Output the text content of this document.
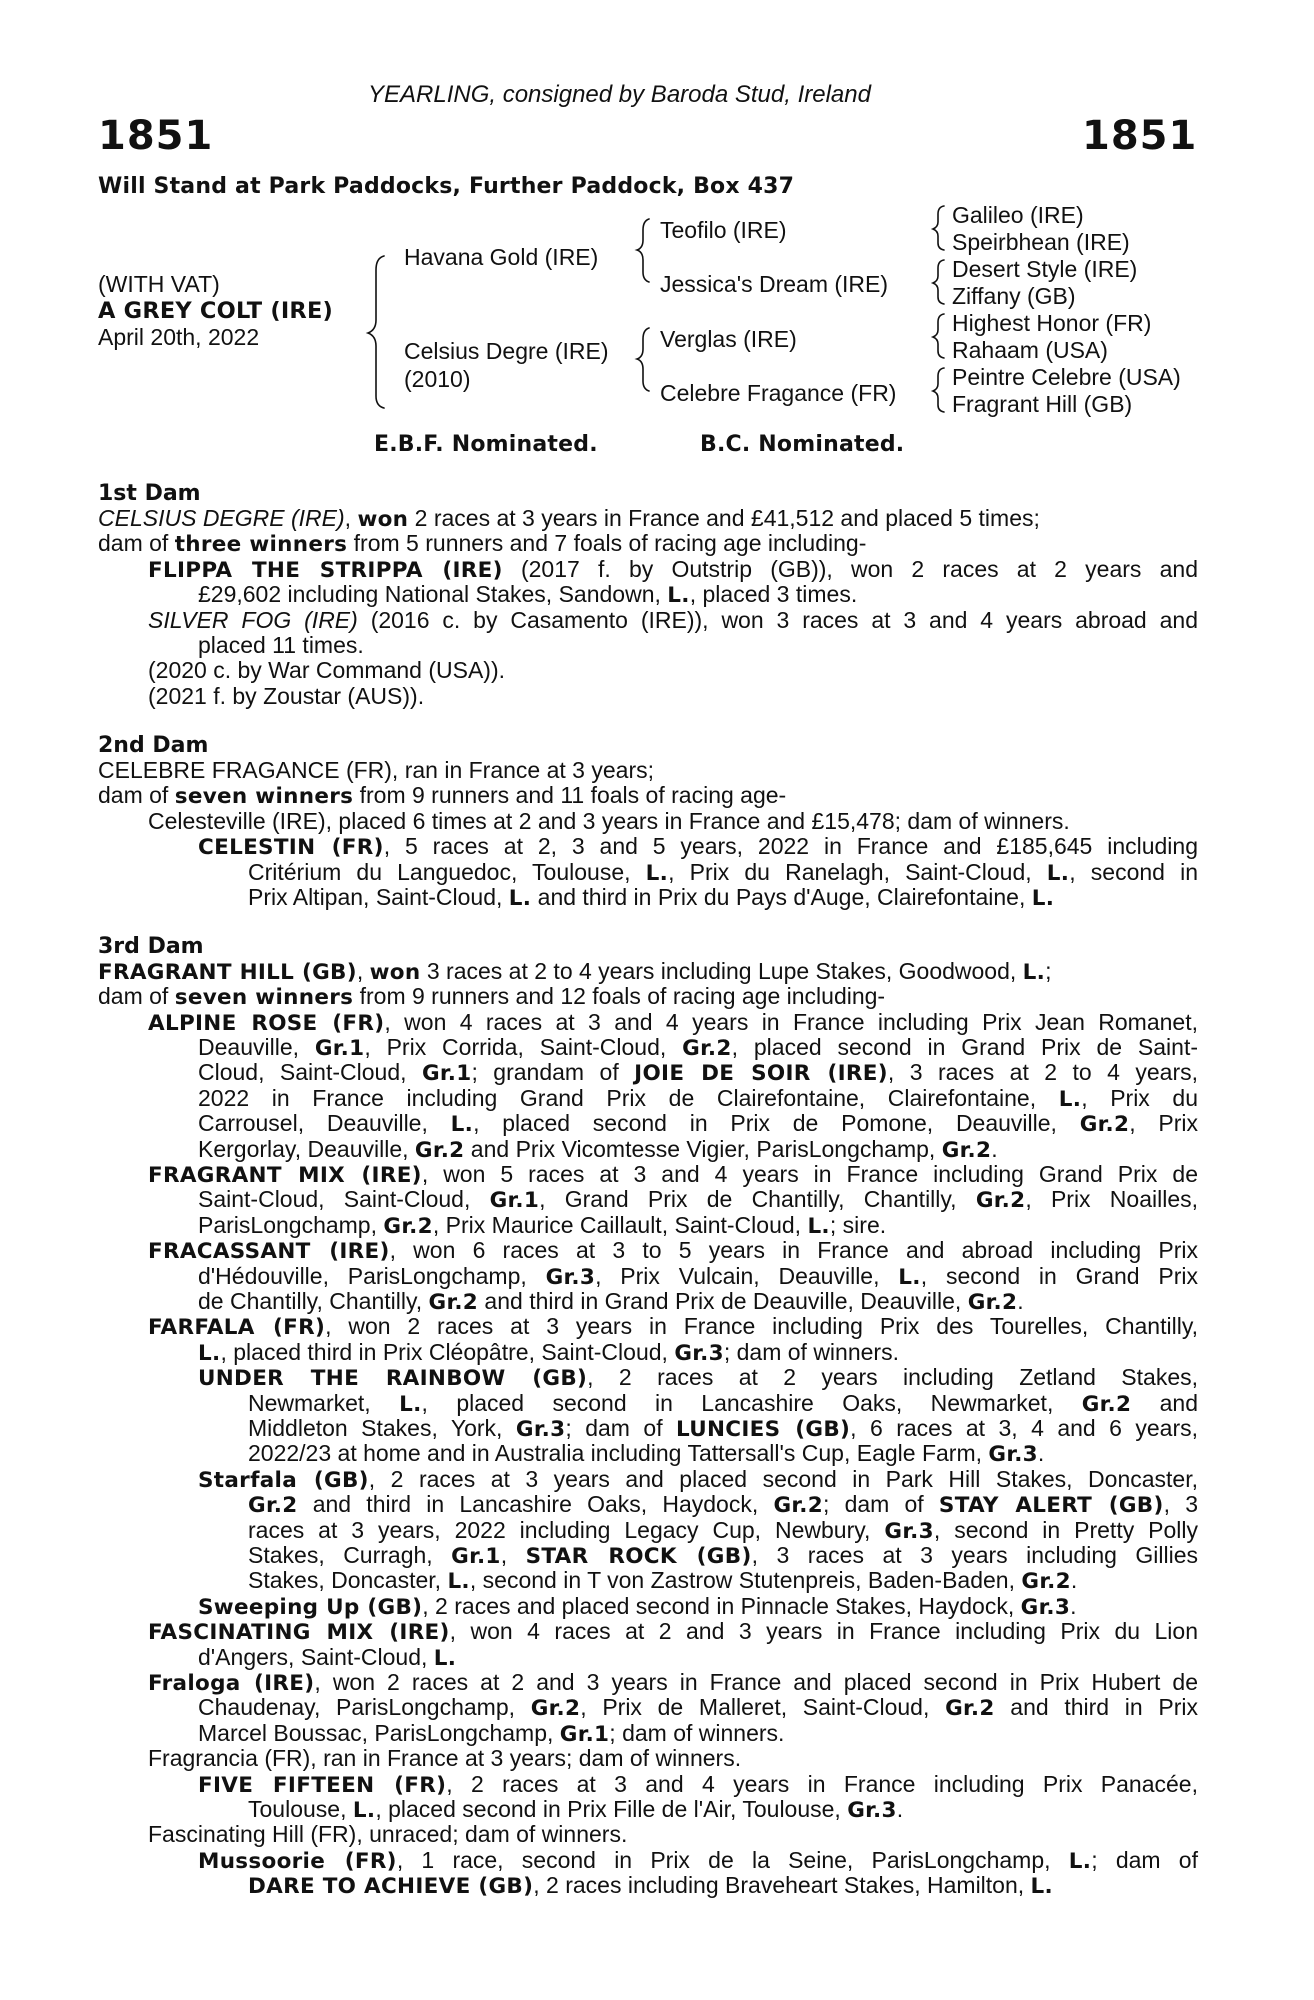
YEARLING, consigned by Baroda Stud, Ireland
1851	1851
Will Stand at Park Paddocks, Further Paddock, Box 437
(WITH VAT)
A GREY COLT (IRE)
April 20th, 2022
Havana Gold (IRE)
Celsius Degre (IRE)
(2010)
Teofilo (IRE)
Jessica's Dream (IRE)
Verglas (IRE)
Celebre Fragance (FR)
Galileo (IRE)
Speirbhean (IRE)
Desert Style (IRE)
Ziffany (GB)
Highest Honor (FR)
Rahaam (USA)
Peintre Celebre (USA)
Fragrant Hill (GB)
E.B.F. Nominated.	B.C. Nominated.
1st Dam
CELSIUS DEGRE (IRE), won 2 races at 3 years in France and £41,512 and placed 5 times;
dam of three winners from 5 runners and 7 foals of racing age including-
FLIPPA THE STRIPPA (IRE) (2017 f. by Outstrip (GB)), won 2 races at 2 years and
£29,602 including National Stakes, Sandown, L., placed 3 times.
SILVER FOG (IRE) (2016 c. by Casamento (IRE)), won 3 races at 3 and 4 years abroad and
placed 11 times.
(2020 c. by War Command (USA)).
(2021 f. by Zoustar (AUS)).
2nd Dam
CELEBRE FRAGANCE (FR), ran in France at 3 years;
dam of seven winners from 9 runners and 11 foals of racing age-
Celesteville (IRE), placed 6 times at 2 and 3 years in France and £15,478; dam of winners.
CELESTIN (FR), 5 races at 2, 3 and 5 years, 2022 in France and £185,645 including
Critérium du Languedoc, Toulouse, L., Prix du Ranelagh, Saint-Cloud, L., second in
Prix Altipan, Saint-Cloud, L. and third in Prix du Pays d'Auge, Clairefontaine, L.
3rd Dam
FRAGRANT HILL (GB), won 3 races at 2 to 4 years including Lupe Stakes, Goodwood, L.;
dam of seven winners from 9 runners and 12 foals of racing age including-
ALPINE ROSE (FR), won 4 races at 3 and 4 years in France including Prix Jean Romanet,
Deauville, Gr.1, Prix Corrida, Saint-Cloud, Gr.2, placed second in Grand Prix de Saint-
Cloud, Saint-Cloud, Gr.1; grandam of JOIE DE SOIR (IRE), 3 races at 2 to 4 years,
2022 in France including Grand Prix de Clairefontaine, Clairefontaine, L., Prix du
Carrousel, Deauville, L., placed second in Prix de Pomone, Deauville, Gr.2, Prix
Kergorlay, Deauville, Gr.2 and Prix Vicomtesse Vigier, ParisLongchamp, Gr.2.
FRAGRANT MIX (IRE), won 5 races at 3 and 4 years in France including Grand Prix de
Saint-Cloud, Saint-Cloud, Gr.1, Grand Prix de Chantilly, Chantilly, Gr.2, Prix Noailles,
ParisLongchamp, Gr.2, Prix Maurice Caillault, Saint-Cloud, L.; sire.
FRACASSANT (IRE), won 6 races at 3 to 5 years in France and abroad including Prix
d'Hédouville, ParisLongchamp, Gr.3, Prix Vulcain, Deauville, L., second in Grand Prix
de Chantilly, Chantilly, Gr.2 and third in Grand Prix de Deauville, Deauville, Gr.2.
FARFALA (FR), won 2 races at 3 years in France including Prix des Tourelles, Chantilly,
L., placed third in Prix Cléopâtre, Saint-Cloud, Gr.3; dam of winners.
UNDER THE RAINBOW (GB), 2 races at 2 years including Zetland Stakes,
Newmarket, L., placed second in Lancashire Oaks, Newmarket, Gr.2 and
Middleton Stakes, York, Gr.3; dam of LUNCIES (GB), 6 races at 3, 4 and 6 years,
2022/23 at home and in Australia including Tattersall's Cup, Eagle Farm, Gr.3.
Starfala (GB), 2 races at 3 years and placed second in Park Hill Stakes, Doncaster,
Gr.2 and third in Lancashire Oaks, Haydock, Gr.2; dam of STAY ALERT (GB), 3
races at 3 years, 2022 including Legacy Cup, Newbury, Gr.3, second in Pretty Polly
Stakes, Curragh, Gr.1, STAR ROCK (GB), 3 races at 3 years including Gillies
Stakes, Doncaster, L., second in T von Zastrow Stutenpreis, Baden-Baden, Gr.2.
Sweeping Up (GB), 2 races and placed second in Pinnacle Stakes, Haydock, Gr.3.
FASCINATING MIX (IRE), won 4 races at 2 and 3 years in France including Prix du Lion
d'Angers, Saint-Cloud, L.
Fraloga (IRE), won 2 races at 2 and 3 years in France and placed second in Prix Hubert de
Chaudenay, ParisLongchamp, Gr.2, Prix de Malleret, Saint-Cloud, Gr.2 and third in Prix
Marcel Boussac, ParisLongchamp, Gr.1; dam of winners.
Fragrancia (FR), ran in France at 3 years; dam of winners.
FIVE FIFTEEN (FR), 2 races at 3 and 4 years in France including Prix Panacée,
Toulouse, L., placed second in Prix Fille de l'Air, Toulouse, Gr.3.
Fascinating Hill (FR), unraced; dam of winners.
Mussoorie (FR), 1 race, second in Prix de la Seine, ParisLongchamp, L.; dam of
DARE TO ACHIEVE (GB), 2 races including Braveheart Stakes, Hamilton, L.
